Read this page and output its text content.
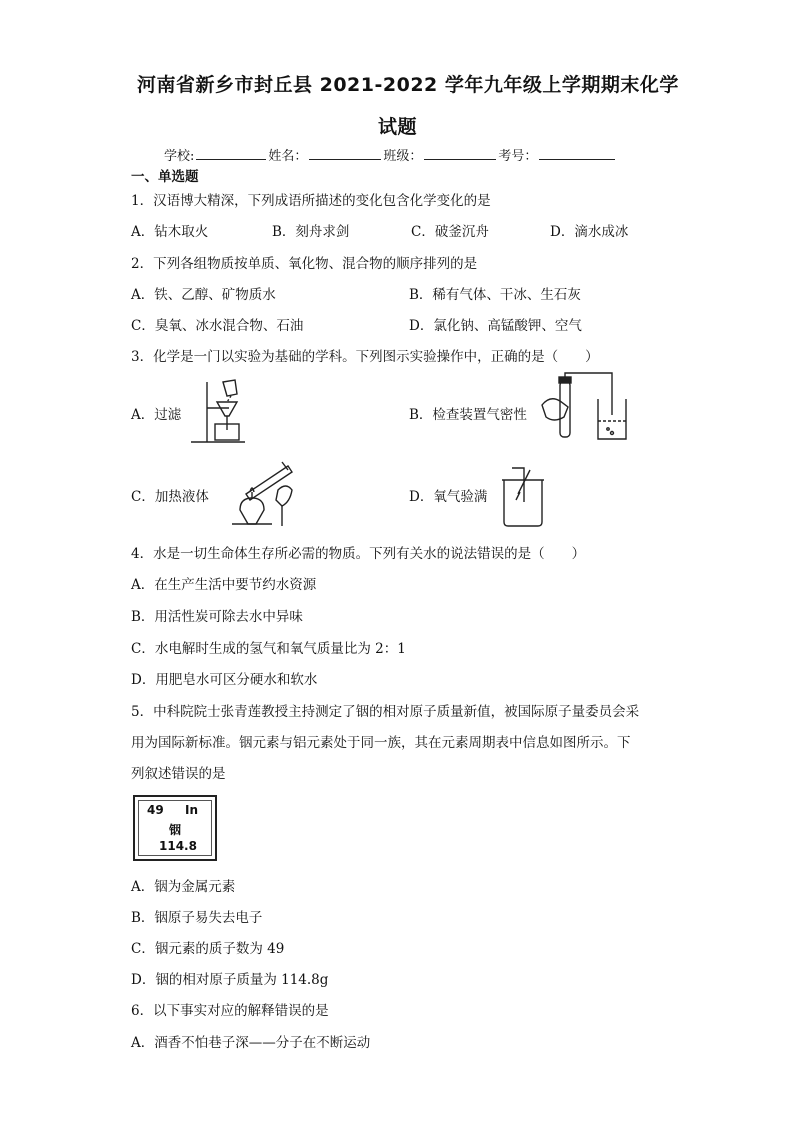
河南省新乡市封丘县 2021-2022 学年九年级上学期期末化学
试题
学校:	姓名：	班级：	考号：
一、单选题
1．汉语博大精深，下列成语所描述的变化包含化学变化的是
A．钻木取火	B．刻舟求剑	C．破釜沉舟	D．滴水成冰
2．下列各组物质按单质、氧化物、混合物的顺序排列的是
A．铁、乙醇、矿物质水	B．稀有气体、干冰、生石灰
C．臭氧、冰水混合物、石油	D．氯化钠、高锰酸钾、空气
3．化学是一门以实验为基础的学科。下列图示实验操作中，正确的是（　　）
A．过滤	B．检查装置气密性
C．加热液体	D．氧气验满
4．水是一切生命体生存所必需的物质。下列有关水的说法错误的是（　　）
A．在生产生活中要节约水资源
B．用活性炭可除去水中异味
C．水电解时生成的氢气和氧气质量比为 2：1
D．用肥皂水可区分硬水和软水
5．中科院院士张青莲教授主持测定了铟的相对原子质量新值，被国际原子量委员会采
用为国际新标准。铟元素与铝元素处于同一族，其在元素周期表中信息如图所示。下
列叙述错误的是
49 In
铟
114.8
A．铟为金属元素
B．铟原子易失去电子
C．铟元素的质子数为 49
D．铟的相对原子质量为 114.8g
6．以下事实对应的解释错误的是
A．酒香不怕巷子深——分子在不断运动
